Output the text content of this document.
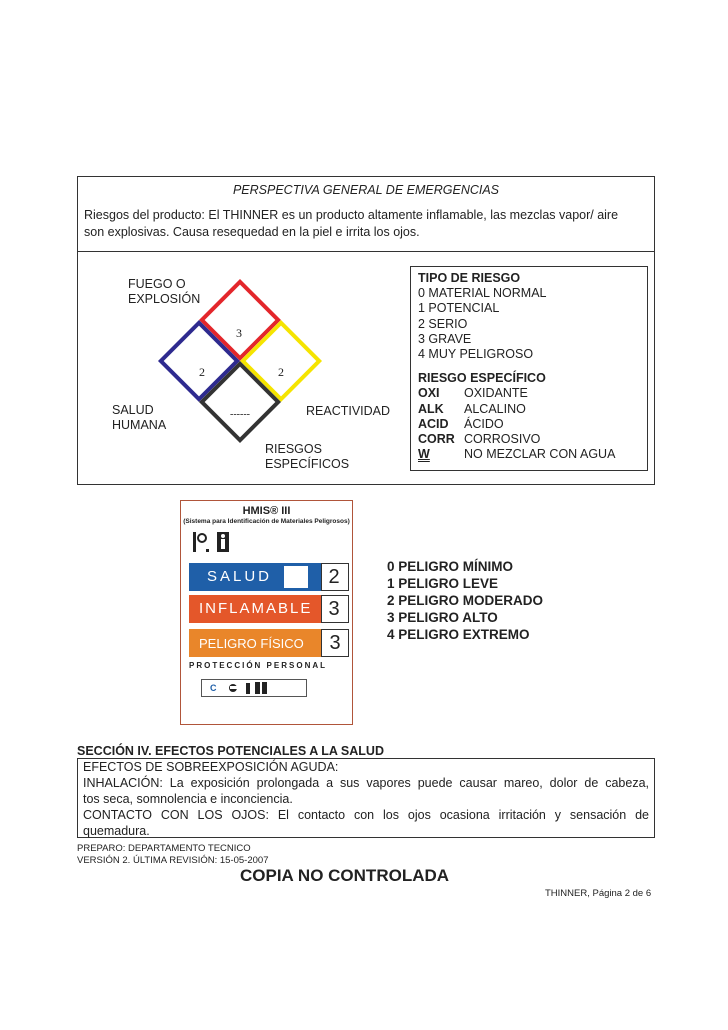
PERSPECTIVA GENERAL DE EMERGENCIAS
Riesgos del producto: El THINNER es un producto altamente inflamable, las mezclas vapor/ aire
son explosivas. Causa resequedad en la piel e irrita los ojos.
3
2	2
------
FUEGO O
EXPLOSIÓN
SALUD
HUMANA
REACTIVIDAD
RIESGOS
ESPECÍFICOS
TIPO DE RIESGO
0 MATERIAL NORMAL
1 POTENCIAL
2 SERIO
3 GRAVE
4 MUY PELIGROSO
RIESGO ESPECÍFICO
OXI OXIDANTE
ALK ALCALINO
ACID ÁCIDO
CORR CORROSIVO
W	NO MEZCLAR CON AGUA
HMIS® III
(Sistema para Identificación de Materiales Peligrosos)
SALUD	2
INFLAMABLE 3
PELIGRO FÍSICO	3
PROTECCIÓN PERSONAL
C
0 PELIGRO MÍNIMO
1 PELIGRO LEVE
2 PELIGRO MODERADO
3 PELIGRO ALTO
4 PELIGRO EXTREMO
SECCIÓN IV. EFECTOS POTENCIALES A LA SALUD
EFECTOS DE SOBREEXPOSICIÓN AGUDA:
INHALACIÓN: La exposición prolongada a sus vapores puede causar mareo, dolor de cabeza,
tos seca, somnolencia e inconciencia.
CONTACTO CON LOS OJOS: El contacto con los ojos ocasiona irritación y sensación de
quemadura.
PREPARO: DEPARTAMENTO TECNICO
VERSIÓN 2. ÚLTIMA REVISIÓN: 15-05-2007
COPIA NO CONTROLADA
THINNER, Página 2 de 6
